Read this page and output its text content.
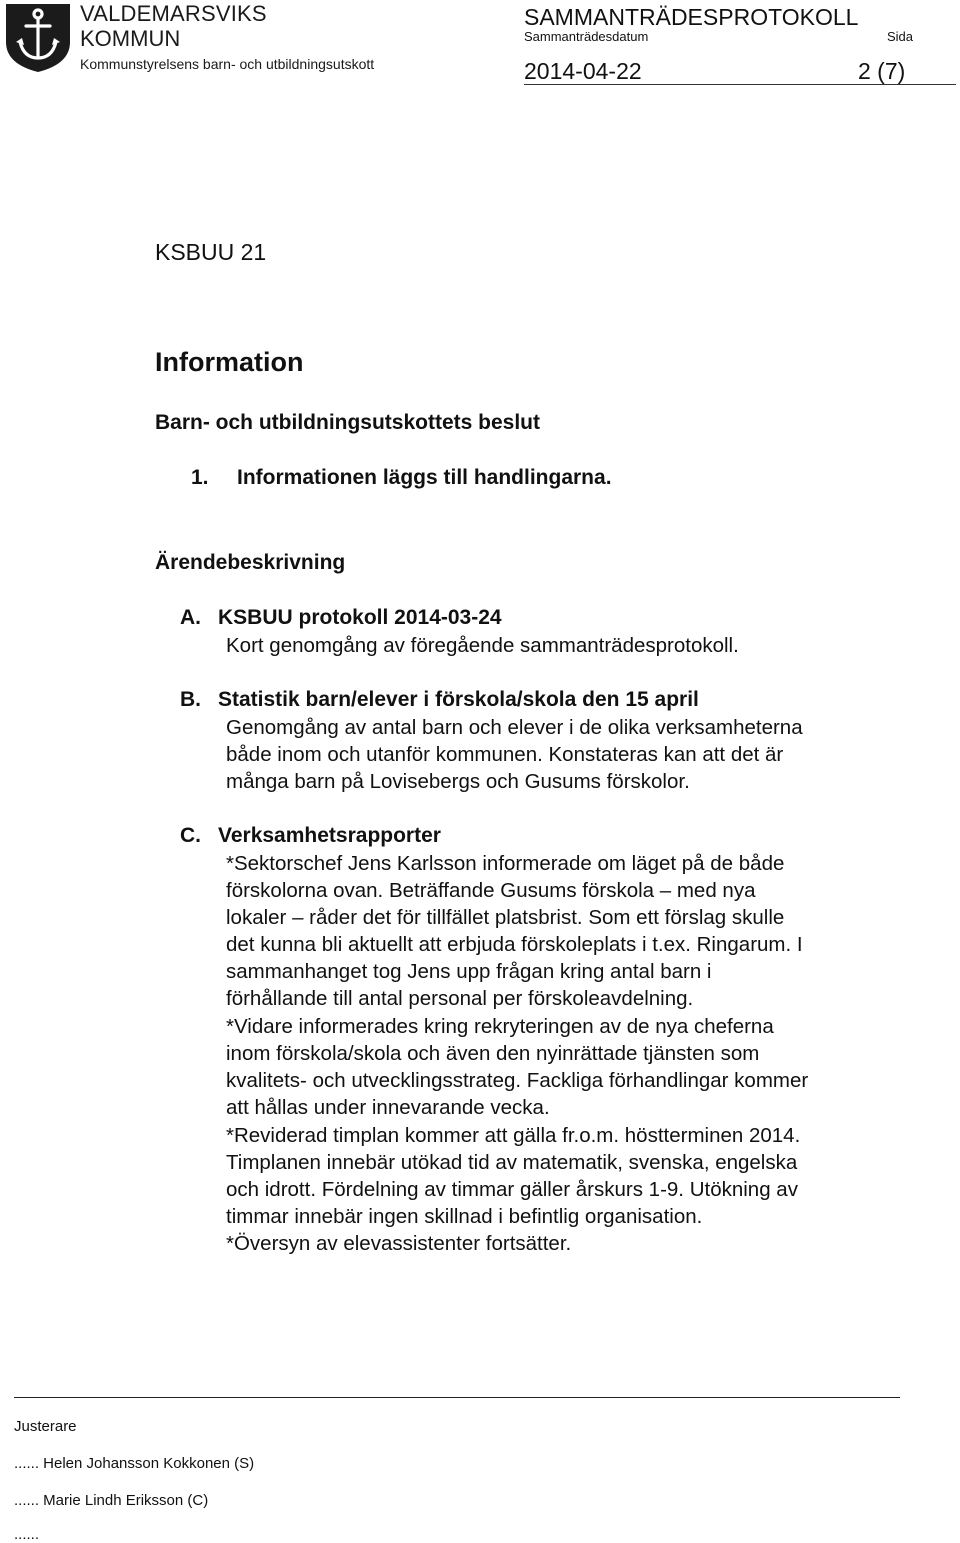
VALDEMARSVIKS
KOMMUN
Kommunstyrelsens barn- och utbildningsutskott
SAMMANTRÄDESPROTOKOLL
Sammanträdesdatum	Sida
2014-04-22	2 (7)
KSBUU 21
Information
Barn- och utbildningsutskottets beslut
1. Informationen läggs till handlingarna.
Ärendebeskrivning
A. KSBUU protokoll 2014-03-24
Kort genomgång av föregående sammanträdesprotokoll.
B. Statistik barn/elever i förskola/skola den 15 april
Genomgång av antal barn och elever i de olika verksamheterna
både inom och utanför kommunen. Konstateras kan att det är
många barn på Lovisebergs och Gusums förskolor.
C. Verksamhetsrapporter
*Sektorschef Jens Karlsson informerade om läget på de både
förskolorna ovan. Beträffande Gusums förskola – med nya
lokaler – råder det för tillfället platsbrist. Som ett förslag skulle
det kunna bli aktuellt att erbjuda förskoleplats i t.ex. Ringarum. I
sammanhanget tog Jens upp frågan kring antal barn i
förhållande till antal personal per förskoleavdelning.
*Vidare informerades kring rekryteringen av de nya cheferna
inom förskola/skola och även den nyinrättade tjänsten som
kvalitets- och utvecklingsstrateg. Fackliga förhandlingar kommer
att hållas under innevarande vecka.
*Reviderad timplan kommer att gälla fr.o.m. höstterminen 2014.
Timplanen innebär utökad tid av matematik, svenska, engelska
och idrott. Fördelning av timmar gäller årskurs 1-9. Utökning av
timmar innebär ingen skillnad i befintlig organisation.
*Översyn av elevassistenter fortsätter.
Justerare
...... Helen Johansson Kokkonen (S)
...... Marie Lindh Eriksson (C)
......
